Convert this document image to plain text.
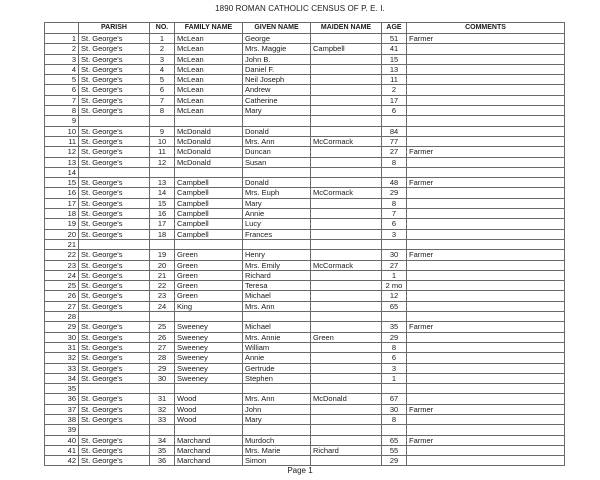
1890 ROMAN CATHOLIC CENSUS OF P. E. I.
	PARISH	NO.	FAMILY NAME	GIVEN NAME	MAIDEN NAME	AGE	COMMENTS
1	St. George's	1	McLean	George		51	Farmer
2	St. George's	2	McLean	Mrs. Maggie	Campbell	41	
3	St. George's	3	McLean	John B.		15	
4	St. George's	4	McLean	Daniel F.		13	
5	St. George's	5	McLean	Neil Joseph		11	
6	St. George's	6	McLean	Andrew		2	
7	St. George's	7	McLean	Catherine		17	
8	St. George's	8	McLean	Mary		6	
9							
10	St. George's	9	McDonald	Donald		84	
11	St. George's	10	McDonald	Mrs. Ann	McCormack	77	
12	St. George's	11	McDonald	Duncan		27	Farmer
13	St. George's	12	McDonald	Susan		8	
14							
15	St. George's	13	Campbell	Donald		48	Farmer
16	St. George's	14	Campbell	Mrs. Euph	McCormack	29	
17	St. George's	15	Campbell	Mary		8	
18	St. George's	16	Campbell	Annie		7	
19	St. George's	17	Campbell	Lucy		6	
20	St. George's	18	Campbell	Frances		3	
21							
22	St. George's	19	Green	Henry		30	Farmer
23	St. George's	20	Green	Mrs. Emily	McCormack	27	
24	St. George's	21	Green	Richard		1	
25	St. George's	22	Green	Teresa		2 mo	
26	St. George's	23	Green	Michael		12	
27	St. George's	24	King	Mrs. Ann		65	
28							
29	St. George's	25	Sweeney	Michael		35	Farmer
30	St. George's	26	Sweeney	Mrs. Annie	Green	29	
31	St. George's	27	Sweeney	William		8	
32	St. George's	28	Sweeney	Annie		6	
33	St. George's	29	Sweeney	Gertrude		3	
34	St. George's	30	Sweeney	Stephen		1	
35							
36	St. George's	31	Wood	Mrs. Ann	McDonald	67	
37	St. George's	32	Wood	John		30	Farmer
38	St. George's	33	Wood	Mary		8	
39							
40	St. George's	34	Marchand	Murdoch		65	Farmer
41	St. George's	35	Marchand	Mrs. Marie	Richard	55	
42	St. George's	36	Marchand	Simon		29	
Page 1
